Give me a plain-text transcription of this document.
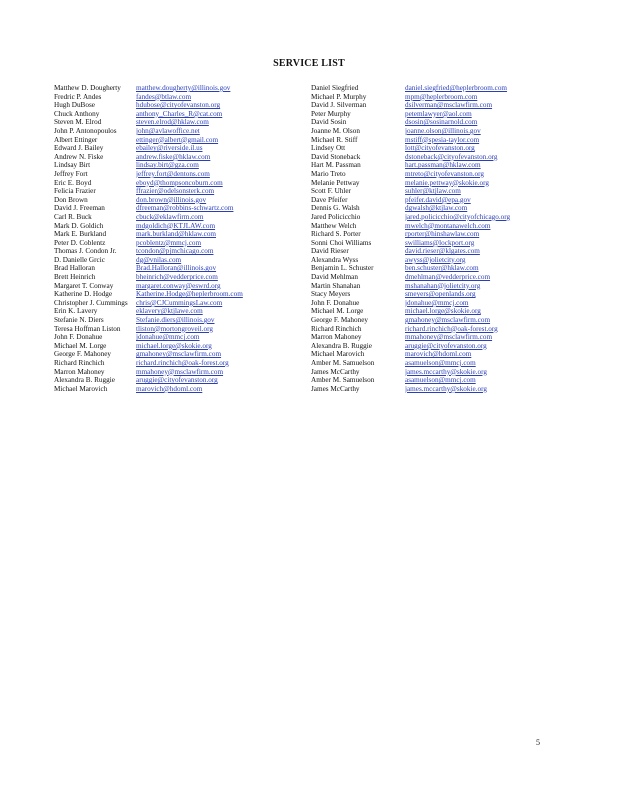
SERVICE LIST
Matthew D. Dougherty	matthew.dougherty@illinois.gov	Daniel Siegfried	daniel.siegfried@heplerbroom.com
Fredric P. Andes	fandes@btlaw.com	Michael P. Murphy	mpm@heplerbroom.com
Hugh DuBose	hdubose@cityofevanston.org	David J. Silverman	dsilverman@msclawfirm.com
Chuck Anthony	anthony_Charles_R@cat.com	Peter Murphy	petemlawyer@aol.com
Steven M. Elrod	steven.elrod@hklaw.com	David Sosin	dsosin@sosinarnold.com
John P. Antonopoulos	john@avlawoffice.net	Joanne M. Olson	joanne.olson@illinois.gov
Albert Ettinger	ettinger@albert@gmail.com	Michael R. Stiff	mstiff@spesia-taylor.com
Edward J. Bailey	ebailey@riverside.il.us	Lindsey Ott	lott@cityofevanston.org
Andrew N. Fiske	andrew.fiske@hklaw.com	David Stoneback	dstoneback@cityofevanston.org
Lindsay Birt	lindsay.birt@gza.com	Hart M. Passman	hart.passman@hklaw.com
Jeffrey Fort	jeffrey.fort@dentons.com	Mario Treto	mtreto@cityofevanston.org
Eric E. Boyd	eboyd@thompsoncoburn.com	Melanie Pettway	melanie.pettway@skokie.org
Felicia Frazier	ffrazier@odelsonsterk.com	Scott F. Uhler	suhler@ktjlaw.com
Don Brown	don.brown@illinois.gov	Dave Pfeifer	pfeifer.david@epa.gov
David J. Freeman	dfreeman@robbins-schwartz.com	Dennis G. Walsh	dgwalsh@ktjlaw.com
Carl R. Buck	cbuck@eklawfirm.com	Jared Policicchio	jared.policicchio@cityofchicago.org
Mark D. Goldich	mdgoldich@KTJLAW.com	Matthew Welch	mwelch@montanawelch.com
Mark E. Burkland	mark.burkland@hklaw.com	Richard S. Porter	rporter@hinshawlaw.com
Peter D. Coblentz	pcoblentz@mmcj.com	Sonni Choi Williams	swilliams@lockport.org
Thomas J. Condon Jr.	tcondon@pjmchicago.com	David Rieser	david.rieser@klgates.com
D. Danielle Grcic	dg@vnilas.com	Alexandra Wyss	awyss@jolietcity.org
Brad Halloran	Brad.Halloran@illinois.gov	Benjamin L. Schuster	ben.schuster@hklaw.com
Brett Heinrich	bheinrich@vedderprice.com	David Mehlman	dmehlman@vedderprice.com
Margaret T. Conway	margaret.conway@eswrd.org	Martin Shanahan	mshanahan@jolietcity.org
Katherine D. Hodge	Katherine.Hodge@heplerbroom.com	Stacy Meyers	smeyers@openlands.org
Christopher J. Cummings	chris@CJCummingsLaw.com	John F. Donahue	jdonahue@mmcj.com
Erin K. Lavery	eklavery@ktjlawe.com	Michael M. Lorge	michael.lorge@skokie.org
Stefanie N. Diers	Stefanie.diers@illinois.gov	George F. Mahoney	gmahoney@msclawfirm.com
Teresa Hoffman Liston	tliston@mortongroveil.org	Richard Rinchich	richard.rinchich@oak-forest.org
John F. Donahue	jdonahue@mmcj.com	Marron Mahoney	mmahoney@msclawfirm.com
Michael M. Lorge	michael.lorge@skokie.org	Alexandra B. Ruggie	aruggie@cityofevanston.org
George F. Mahoney	gmahoney@msclawfirm.com	Michael Marovich	marovich@hdoml.com
Richard Rinchich	richard.rinchich@oak-forest.org	Amber M. Samuelson	asamuelson@mmcj.com
Marron Mahoney	mmahoney@msclawfirm.com	James McCarthy	james.mccarthy@skokie.org
Alexandra B. Ruggie	aruggie@cityofevanston.org	Amber M. Samuelson	asamuelson@mmcj.com
Michael Marovich	marovich@hdoml.com	James McCarthy	james.mccarthy@skokie.org
5
